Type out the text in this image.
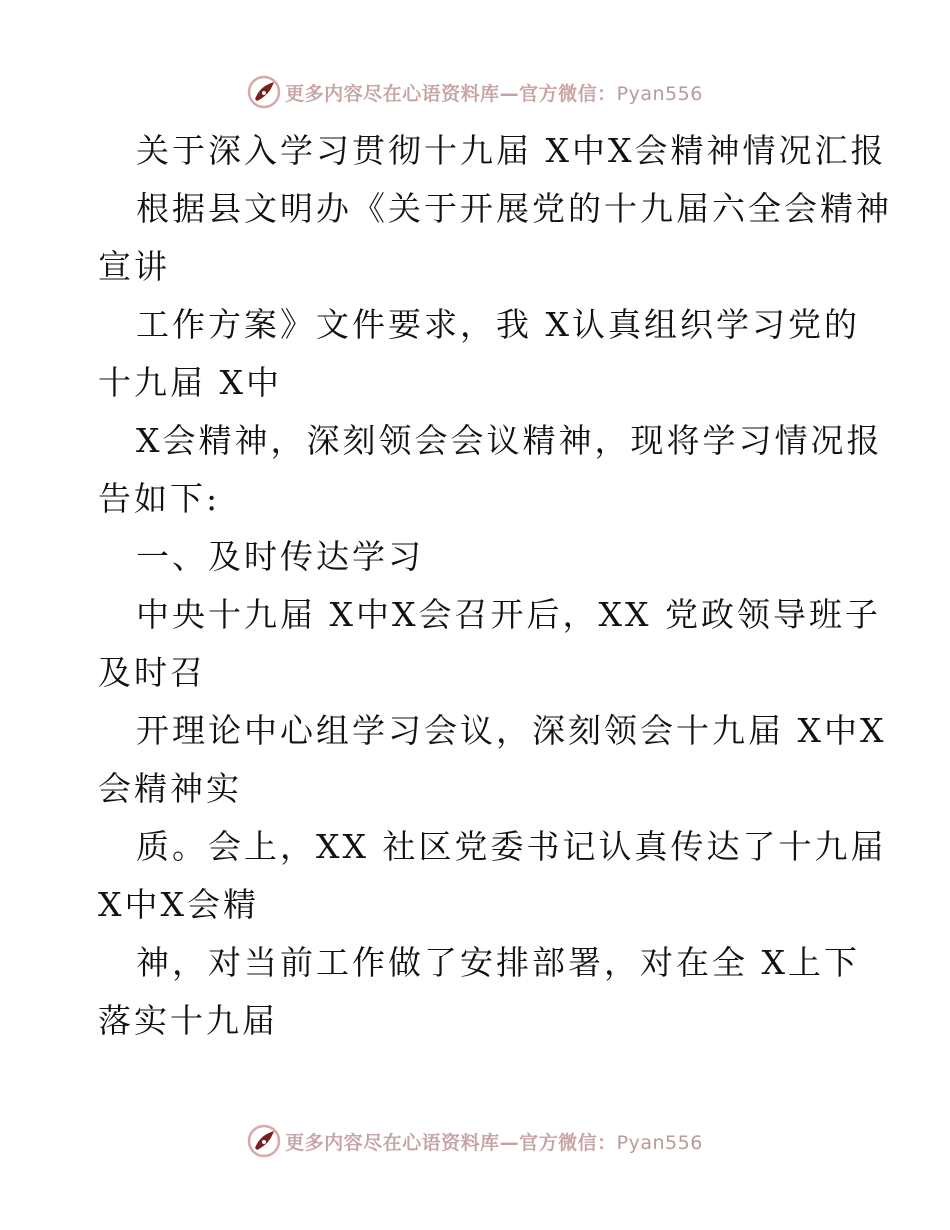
更多内容尽在心语资料库—官方微信：Pyan556
关于深入学习贯彻十九届 X中X会精神情况汇报
根据县文明办《关于开展党的十九届六全会精神
宣讲
工作方案》文件要求，我 X认真组织学习党的
十九届 X中
X会精神，深刻领会会议精神，现将学习情况报
告如下:
一、及时传达学习
中央十九届 X中X会召开后，XX 党政领导班子
及时召
开理论中心组学习会议，深刻领会十九届 X中X
会精神实
质。会上，XX 社区党委书记认真传达了十九届
X中X会精
神，对当前工作做了安排部署，对在全 X上下
落实十九届
更多内容尽在心语资料库—官方微信：Pyan556
